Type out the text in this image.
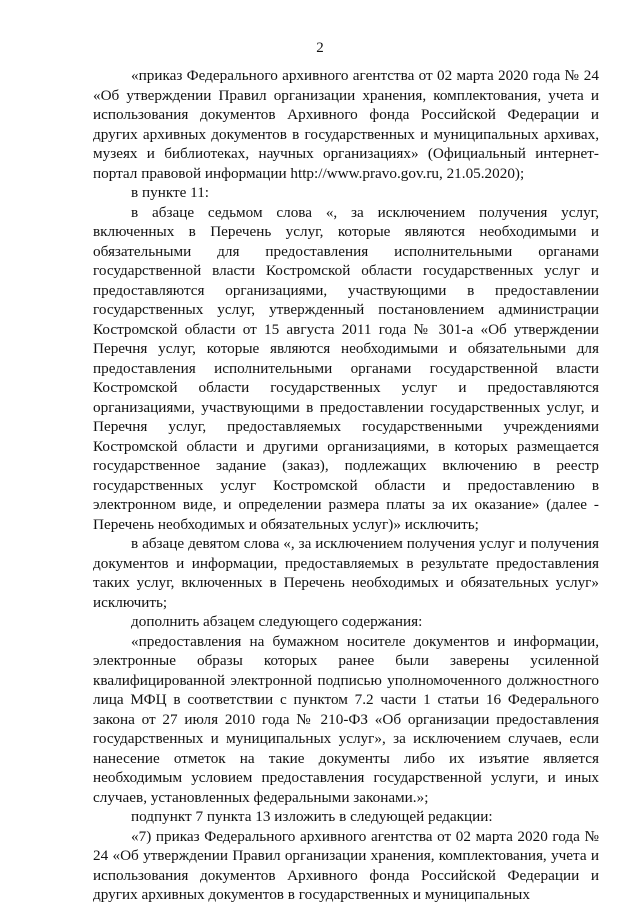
2

«приказ Федерального архивного агентства от 02 марта 2020 года № 24 «Об утверждении Правил организации хранения, комплектования, учета и использования документов Архивного фонда Российской Федерации и других архивных документов в государственных и муниципальных архивах, музеях и библиотеках, научных организациях» (Официальный интернет-портал правовой информации http://www.pravo.gov.ru, 21.05.2020);

в пункте 11:

в абзаце седьмом слова «, за исключением получения услуг, включенных в Перечень услуг, которые являются необходимыми и обязательными для предоставления исполнительными органами государственной власти Костромской области государственных услуг и предоставляются организациями, участвующими в предоставлении государственных услуг, утвержденный постановлением администрации Костромской области от 15 августа 2011 года № 301-а «Об утверждении Перечня услуг, которые являются необходимыми и обязательными для предоставления исполнительными органами государственной власти Костромской области государственных услуг и предоставляются организациями, участвующими в предоставлении государственных услуг, и Перечня услуг, предоставляемых государственными учреждениями Костромской области и другими организациями, в которых размещается государственное задание (заказ), подлежащих включению в реестр государственных услуг Костромской области и предоставлению в электронном виде, и определении размера платы за их оказание» (далее - Перечень необходимых и обязательных услуг)» исключить;

в абзаце девятом слова «, за исключением получения услуг и получения документов и информации, предоставляемых в результате предоставления таких услуг, включенных в Перечень необходимых и обязательных услуг» исключить;

дополнить абзацем следующего содержания:

«предоставления на бумажном носителе документов и информации, электронные образы которых ранее были заверены усиленной квалифицированной электронной подписью уполномоченного должностного лица МФЦ в соответствии с пунктом 7.2 части 1 статьи 16 Федерального закона от 27 июля 2010 года № 210-ФЗ «Об организации предоставления государственных и муниципальных услуг», за исключением случаев, если нанесение отметок на такие документы либо их изъятие является необходимым условием предоставления государственной услуги, и иных случаев, установленных федеральными законами.»;

подпункт 7 пункта 13 изложить в следующей редакции:

«7) приказ Федерального архивного агентства от 02 марта 2020 года № 24 «Об утверждении Правил организации хранения, комплектования, учета и использования документов Архивного фонда Российской Федерации и других архивных документов в государственных и муниципальных
